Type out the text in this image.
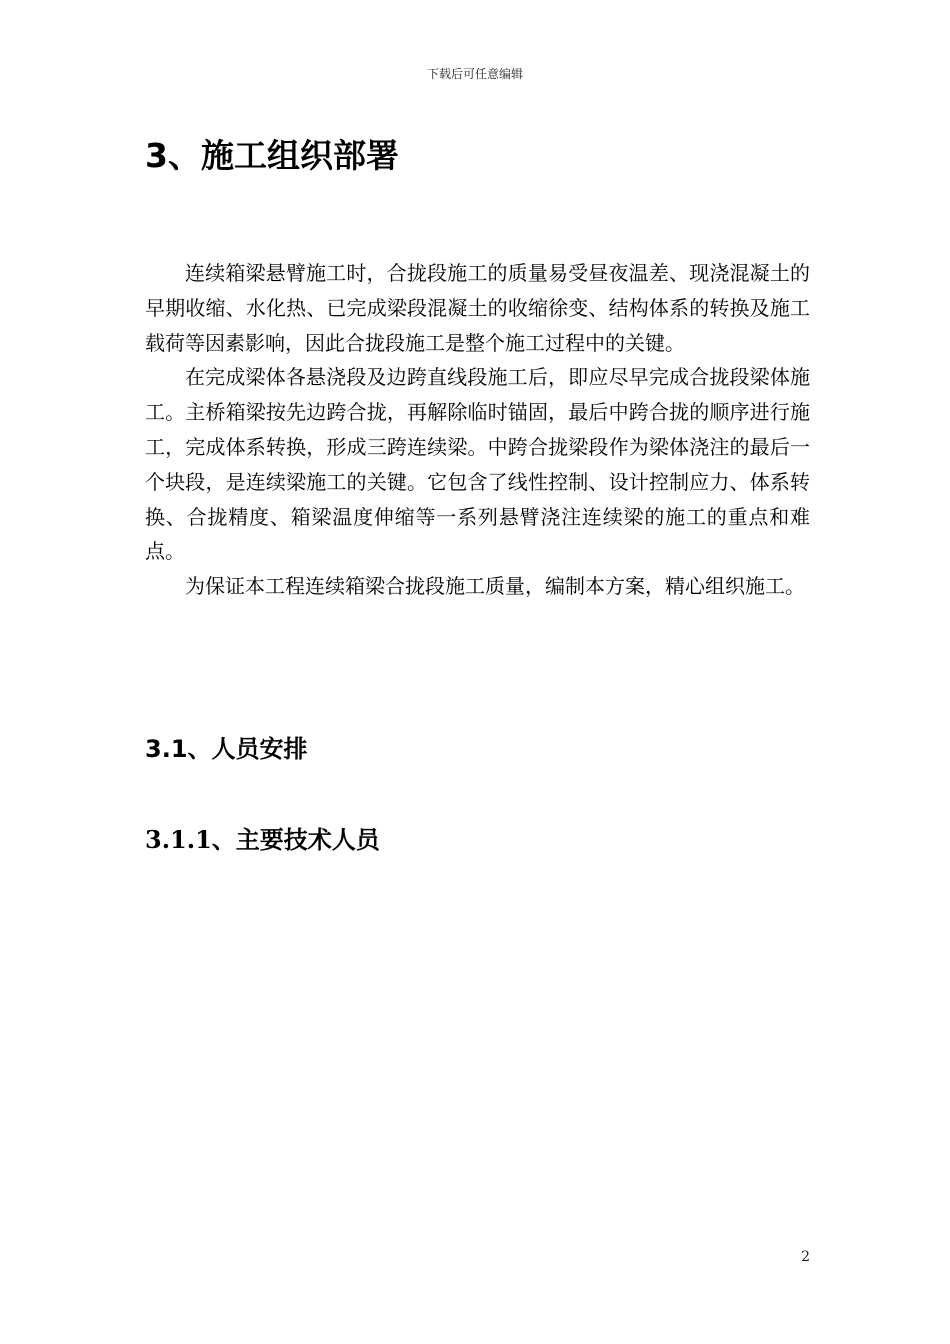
下载后可任意编辑
3、施工组织部署

连续箱梁悬臂施工时，合拢段施工的质量易受昼夜温差、现浇混凝土的早期收缩、水化热、已完成梁段混凝土的收缩徐变、结构体系的转换及施工载荷等因素影响，因此合拢段施工是整个施工过程中的关键。

在完成梁体各悬浇段及边跨直线段施工后，即应尽早完成合拢段梁体施工。主桥箱梁按先边跨合拢，再解除临时锚固，最后中跨合拢的顺序进行施工，完成体系转换，形成三跨连续梁。中跨合拢梁段作为梁体浇注的最后一个块段，是连续梁施工的关键。它包含了线性控制、设计控制应力、体系转换、合拢精度、箱梁温度伸缩等一系列悬臂浇注连续梁的施工的重点和难点。

为保证本工程连续箱梁合拢段施工质量，编制本方案，精心组织施工。

3.1、人员安排
3.1.1、主要技术人员
2
